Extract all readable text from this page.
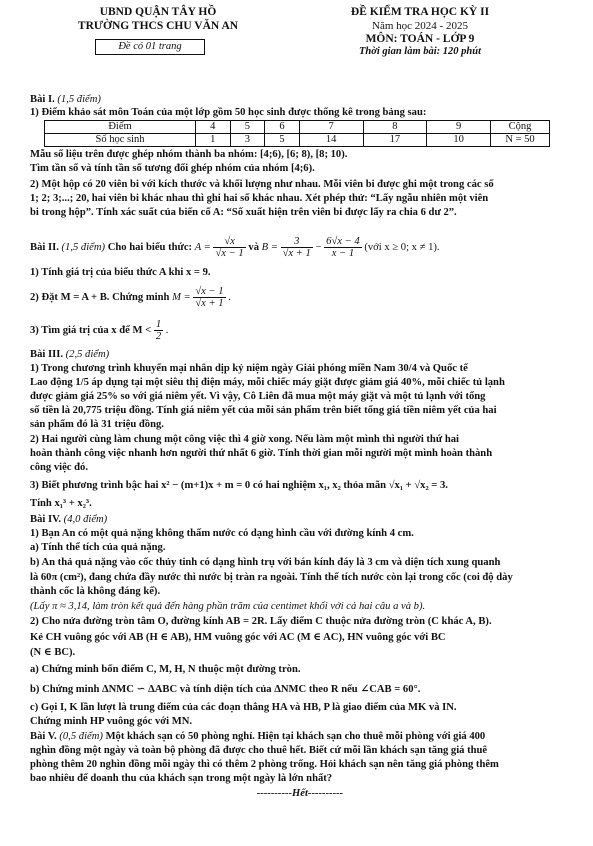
UBND QUẬN TÂY HỒ
TRƯỜNG THCS CHU VĂN AN
Đề có 01 trang
ĐỀ KIỂM TRA HỌC KỲ II
Năm học 2024 - 2025
MÔN: TOÁN - LỚP 9
Thời gian làm bài: 120 phút
Bài I. (1,5 điểm)
1) Điểm khảo sát môn Toán của một lớp gồm 50 học sinh được thống kê trong bảng sau:
Điểm	4	5	6	7	8	9	Cộng
Số học sinh	1	3	5	14	17	10	N = 50
Mẫu số liệu trên được ghép nhóm thành ba nhóm: [4;6), [6; 8), [8; 10).
Tìm tần số và tính tần số tương đối ghép nhóm của nhóm [4;6).
2) Một hộp có 20 viên bi với kích thước và khối lượng như nhau. Mỗi viên bi được ghi một trong các số
1; 2; 3;...; 20, hai viên bi khác nhau thì ghi hai số khác nhau. Xét phép thử: “Lấy ngẫu nhiên một viên
bi trong hộp”. Tính xác suất của biến cố A: “Số xuất hiện trên viên bi được lấy ra chia 6 dư 2”.
Bài II. (1,5 điểm) Cho hai biểu thức: $A = \frac{√x}{√x - 1}$ và $B = \frac{3}{√x + 1} - \frac{6√x - 4}{x - 1}$ (với x ≥ 0; x ≠ 1).
1) Tính giá trị của biểu thức A khi x = 9.
2) Đặt M = A + B. Chứng minh $M = \frac{√x - 1}{√x + 1}$ .
3) Tìm giá trị của x để $M < \frac{1}{2}$ .
Bài III. (2,5 điểm)
1) Trong chương trình khuyến mại nhân dịp kỷ niệm ngày Giải phóng miền Nam 30/4 và Quốc tế
Lao động 1/5 áp dụng tại một siêu thị điện máy, mỗi chiếc máy giặt được giảm giá 40%, mỗi chiếc tủ lạnh
được giảm giá 25% so với giá niêm yết. Vì vậy, Cô Liên đã mua một máy giặt và một tủ lạnh với tổng
số tiền là 20,775 triệu đồng. Tính giá niêm yết của mỗi sản phẩm trên biết tổng giá tiền niêm yết của hai
sản phẩm đó là 31 triệu đồng.
2) Hai người cùng làm chung một công việc thì 4 giờ xong. Nếu làm một mình thì người thứ hai
hoàn thành công việc nhanh hơn người thứ nhất 6 giờ. Tính thời gian mỗi người một mình hoàn thành
công việc đó.
3) Biết phương trình bậc hai x² − (m+1)x + m = 0 có hai nghiệm x₁, x₂ thỏa mãn √x₁ + √x₂ = 3.
Tính x₁³ + x₂³.
Bài IV. (4,0 điểm)
1) Bạn An có một quả nặng không thấm nước có dạng hình cầu với đường kính 4 cm.
a) Tính thể tích của quả nặng.
b) An thả quả nặng vào cốc thủy tinh có dạng hình trụ với bán kính đáy là 3 cm và diện tích xung quanh
là 60π (cm²), đang chứa đầy nước thì nước bị tràn ra ngoài. Tính thể tích nước còn lại trong cốc (coi độ dày
thành cốc là không đáng kể).
(Lấy π ≈ 3,14, làm tròn kết quả đến hàng phần trăm của centimet khối với cả hai câu a và b).
2) Cho nửa đường tròn tâm O, đường kính AB = 2R. Lấy điểm C thuộc nửa đường tròn (C khác A, B).
Kẻ CH vuông góc với AB (H ∈ AB), HM vuông góc với AC (M ∈ AC), HN vuông góc với BC
(N ∈ BC).
a) Chứng minh bốn điểm C, M, H, N thuộc một đường tròn.
b) Chứng minh ΔNMC ∽ ΔABC và tính diện tích của ΔNMC theo R nếu ∠CAB = 60°.
c) Gọi I, K lần lượt là trung điểm của các đoạn thẳng HA và HB, P là giao điểm của MK và IN.
Chứng minh HP vuông góc với MN.
Bài V. (0,5 điểm) Một khách sạn có 50 phòng nghỉ. Hiện tại khách sạn cho thuê mỗi phòng với giá 400
nghìn đồng một ngày và toàn bộ phòng đã được cho thuê hết. Biết cứ mỗi lần khách sạn tăng giá thuê
phòng thêm 20 nghìn đồng mỗi ngày thì có thêm 2 phòng trống. Hỏi khách sạn nên tăng giá phòng thêm
bao nhiêu để doanh thu của khách sạn trong một ngày là lớn nhất?
----------Hết----------
